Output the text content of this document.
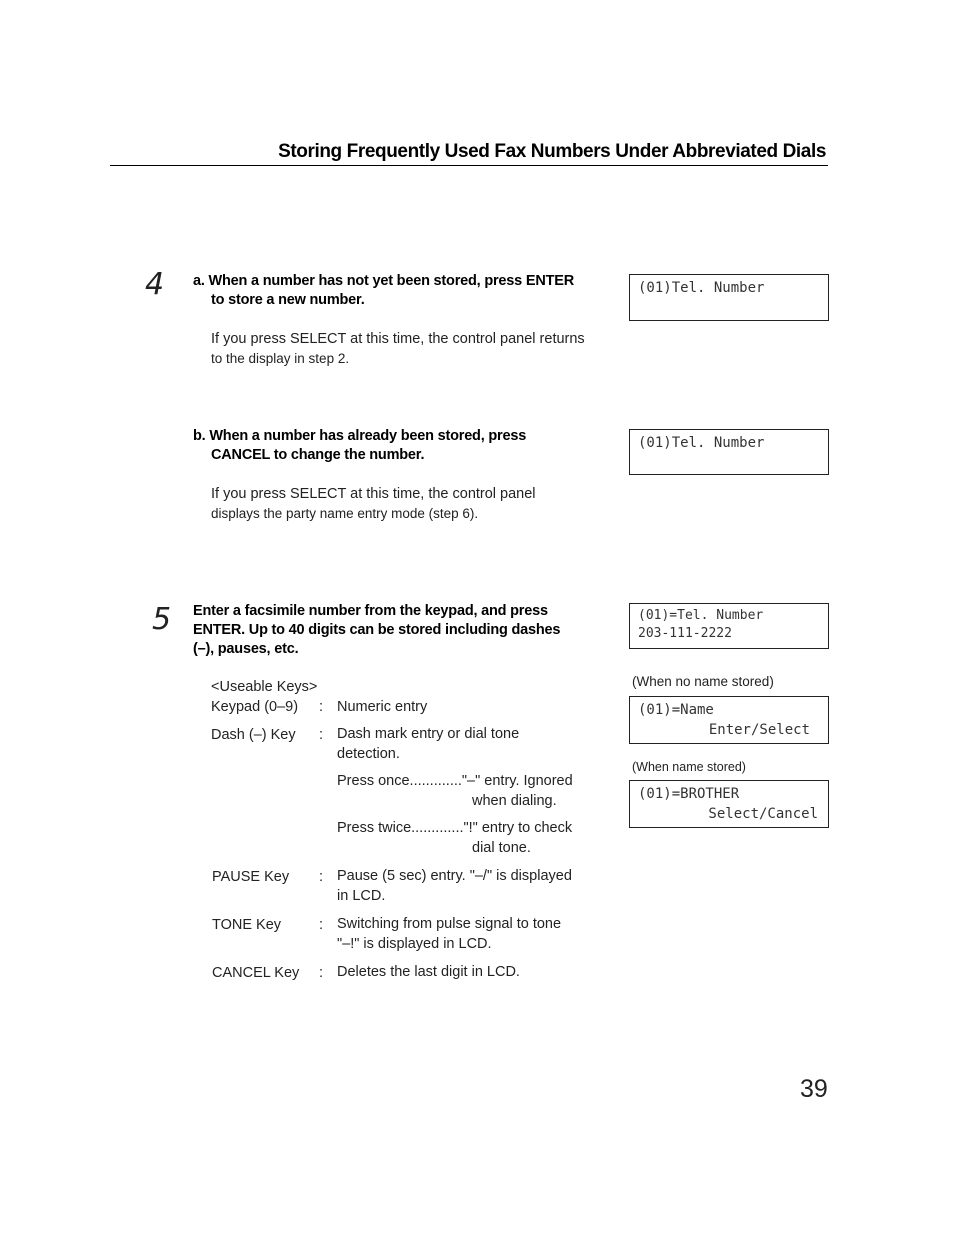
Storing Frequently Used Fax Numbers Under Abbreviated Dials
4 a. When a number has not yet been stored, press ENTER
to store a new number.
If you press SELECT at this time, the control panel returns
to the display in step 2.
(01)Tel. Number
b. When a number has already been stored, press
CANCEL to change the number.
If you press SELECT at this time, the control panel
displays the party name entry mode (step 6).
(01)Tel. Number
5 Enter a facsimile number from the keypad, and press
ENTER. Up to 40 digits can be stored including dashes
(–), pauses, etc.
(01)=Tel. Number
203-111-2222
(When no name stored)
(01)=Name
Enter/Select
(When name stored)
(01)=BROTHER
Select/Cancel
<Useable Keys>
Keypad (0–9) : Numeric entry
Dash (–) Key : Dash mark entry or dial tone
detection.
Press once............."–" entry. Ignored
when dialing.
Press twice............."!" entry to check
dial tone.
PAUSE Key : Pause (5 sec) entry. "–/" is displayed
in LCD.
TONE Key	: Switching from pulse signal to tone
"–!" is displayed in LCD.
CANCEL Key : Deletes the last digit in LCD.
39
